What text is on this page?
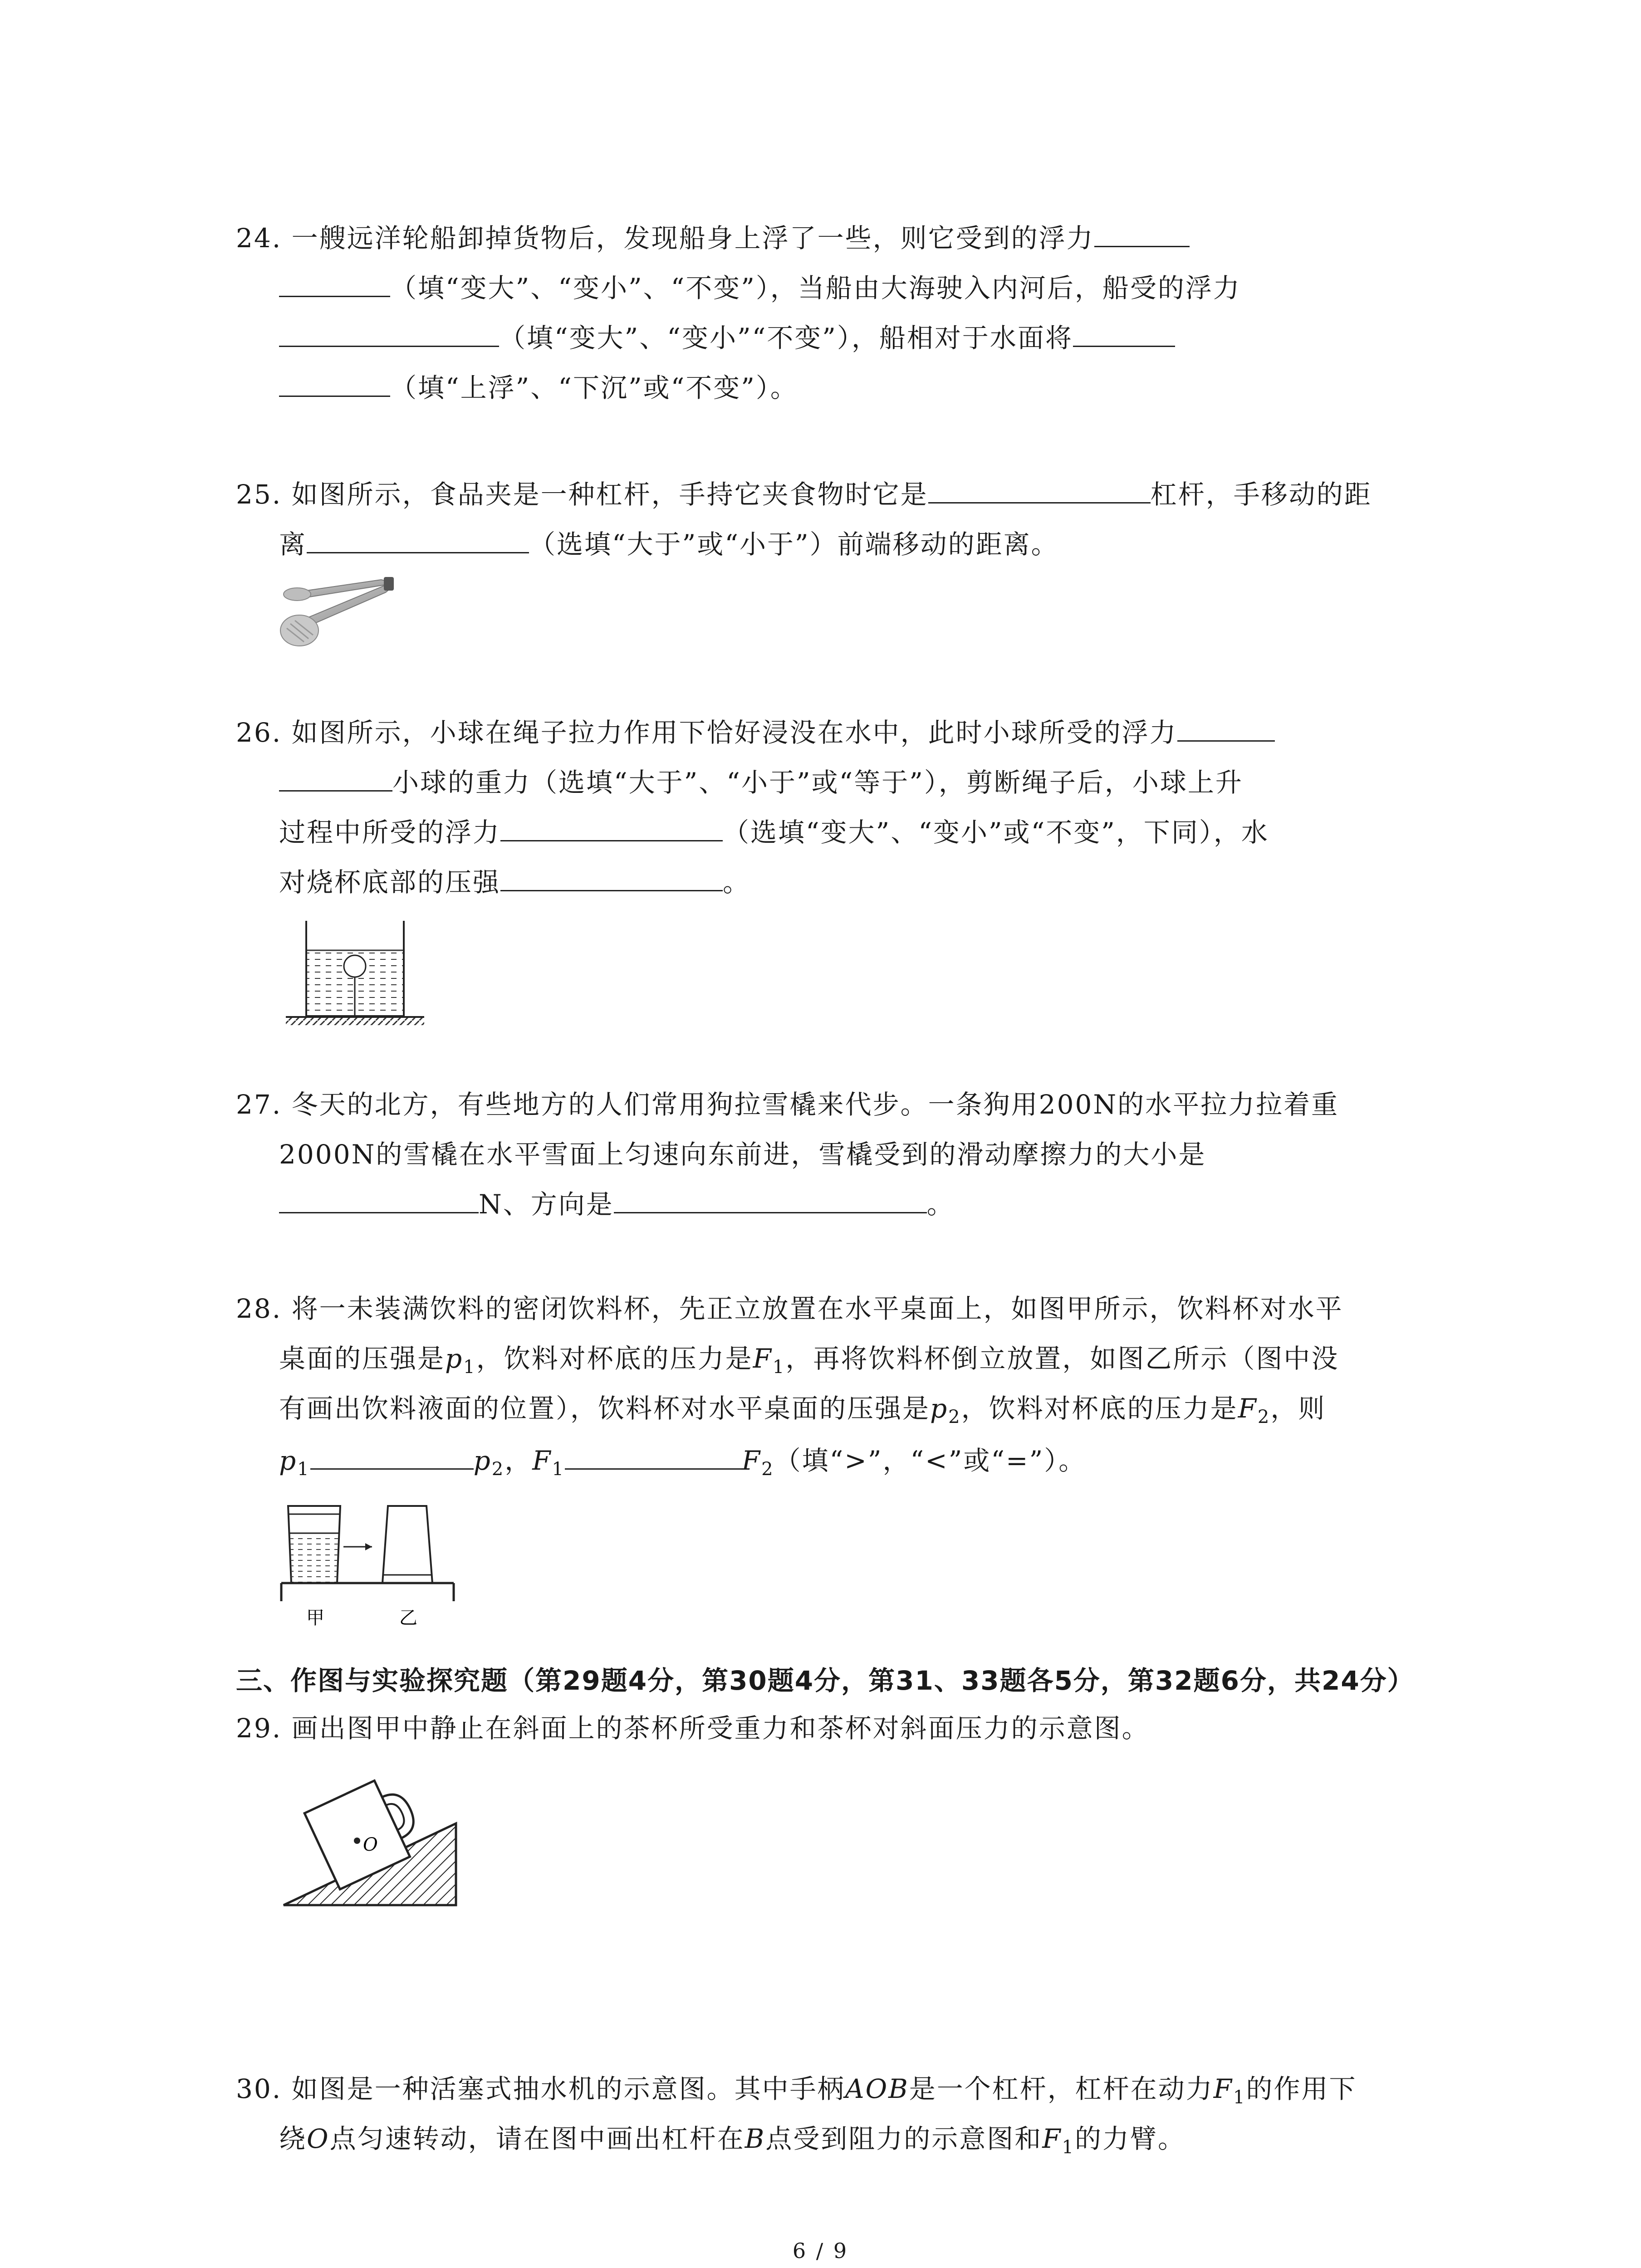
24. 一艘远洋轮船卸掉货物后，发现船身上浮了一些，则它受到的浮力
（填“变大”、“变小”、“不变”），当船由大海驶入内河后，船受的浮力
（填“变大”、“变小”“不变”），船相对于水面将
（填“上浮”、“下沉”或“不变”）。
25. 如图所示，食品夹是一种杠杆，手持它夹食物时它是	杠杆，手移动的距
离	（选填“大于”或“小于”）前端移动的距离。
26. 如图所示，小球在绳子拉力作用下恰好浸没在水中，此时小球所受的浮力
小球的重力（选填“大于”、“小于”或“等于”），剪断绳子后，小球上升
过程中所受的浮力	（选填“变大”、“变小”或“不变”，下同），水
对烧杯底部的压强	。
27. 冬天的北方，有些地方的人们常用狗拉雪橇来代步。一条狗用200N的水平拉力拉着重
2000N的雪橇在水平雪面上匀速向东前进，雪橇受到的滑动摩擦力的大小是
N、方向是	。
28. 将一未装满饮料的密闭饮料杯，先正立放置在水平桌面上，如图甲所示，饮料杯对水平
桌面的压强是$p_1$，饮料对杯底的压力是$F_1$，再将饮料杯倒立放置，如图乙所示（图中没
有画出饮料液面的位置），饮料杯对水平桌面的压强是$p_2$，饮料对杯底的压力是$F_2$，则
$p_1$	$p_2$，$F_1$	$F_2$（填“>”，“<”或“=”）。
甲	乙
三、作图与实验探究题（第29题4分，第30题4分，第31、33题各5分，第32题6分，共24分）
29. 画出图甲中静止在斜面上的茶杯所受重力和茶杯对斜面压力的示意图。
O
30. 如图是一种活塞式抽水机的示意图。其中手柄AOB是一个杠杆，杠杆在动力$F_1$的作用下
绕O点匀速转动，请在图中画出杠杆在B点受到阻力的示意图和$F_1$的力臂。
6 / 9
